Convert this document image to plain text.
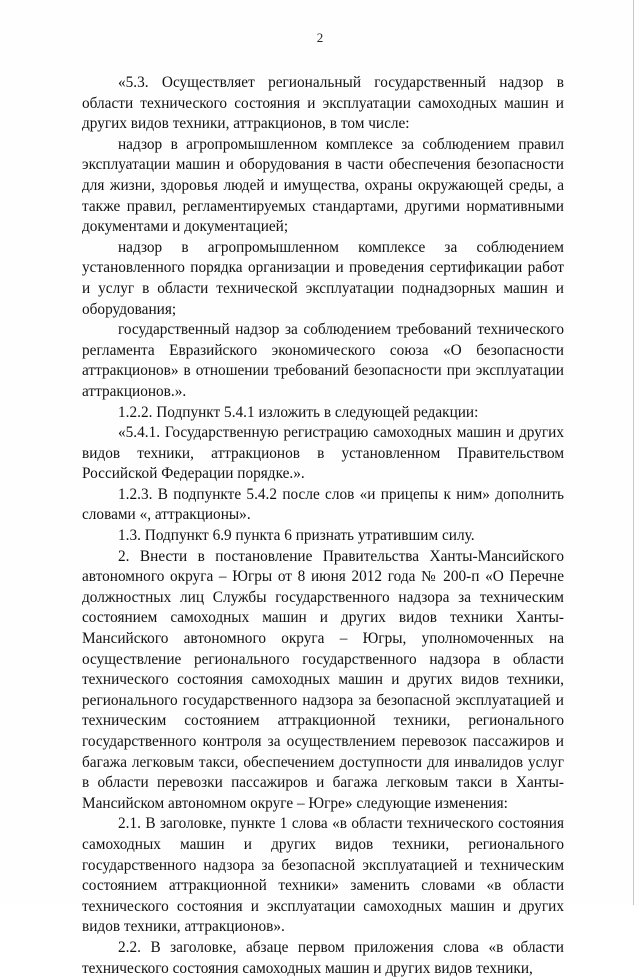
2

«5.3. Осуществляет региональный государственный надзор в области технического состояния и эксплуатации самоходных машин и других видов техники, аттракционов, в том числе:

надзор в агропромышленном комплексе за соблюдением правил эксплуатации машин и оборудования в части обеспечения безопасности для жизни, здоровья людей и имущества, охраны окружающей среды, а также правил, регламентируемых стандартами, другими нормативными документами и документацией;

надзор в агропромышленном комплексе за соблюдением установленного порядка организации и проведения сертификации работ и услуг в области технической эксплуатации поднадзорных машин и оборудования;

государственный надзор за соблюдением требований технического регламента Евразийского экономического союза «О безопасности аттракционов» в отношении требований безопасности при эксплуатации аттракционов.».

1.2.2. Подпункт 5.4.1 изложить в следующей редакции:

«5.4.1. Государственную регистрацию самоходных машин и других видов техники, аттракционов в установленном Правительством Российской Федерации порядке.».

1.2.3. В подпункте 5.4.2 после слов «и прицепы к ним» дополнить словами «, аттракционы».

1.3. Подпункт 6.9 пункта 6 признать утратившим силу.

2. Внести в постановление Правительства Ханты-Мансийского автономного округа – Югры от 8 июня 2012 года № 200-п «О Перечне должностных лиц Службы государственного надзора за техническим состоянием самоходных машин и других видов техники Ханты-Мансийского автономного округа – Югры, уполномоченных на осуществление регионального государственного надзора в области технического состояния самоходных машин и других видов техники, регионального государственного надзора за безопасной эксплуатацией и техническим состоянием аттракционной техники, регионального государственного контроля за осуществлением перевозок пассажиров и багажа легковым такси, обеспечением доступности для инвалидов услуг в области перевозки пассажиров и багажа легковым такси в Ханты-Мансийском автономном округе – Югре» следующие изменения:

2.1. В заголовке, пункте 1 слова «в области технического состояния самоходных машин и других видов техники, регионального государственного надзора за безопасной эксплуатацией и техническим состоянием аттракционной техники» заменить словами «в области технического состояния и эксплуатации самоходных машин и других видов техники, аттракционов».

2.2. В заголовке, абзаце первом приложения слова «в области технического состояния самоходных машин и других видов техники,
